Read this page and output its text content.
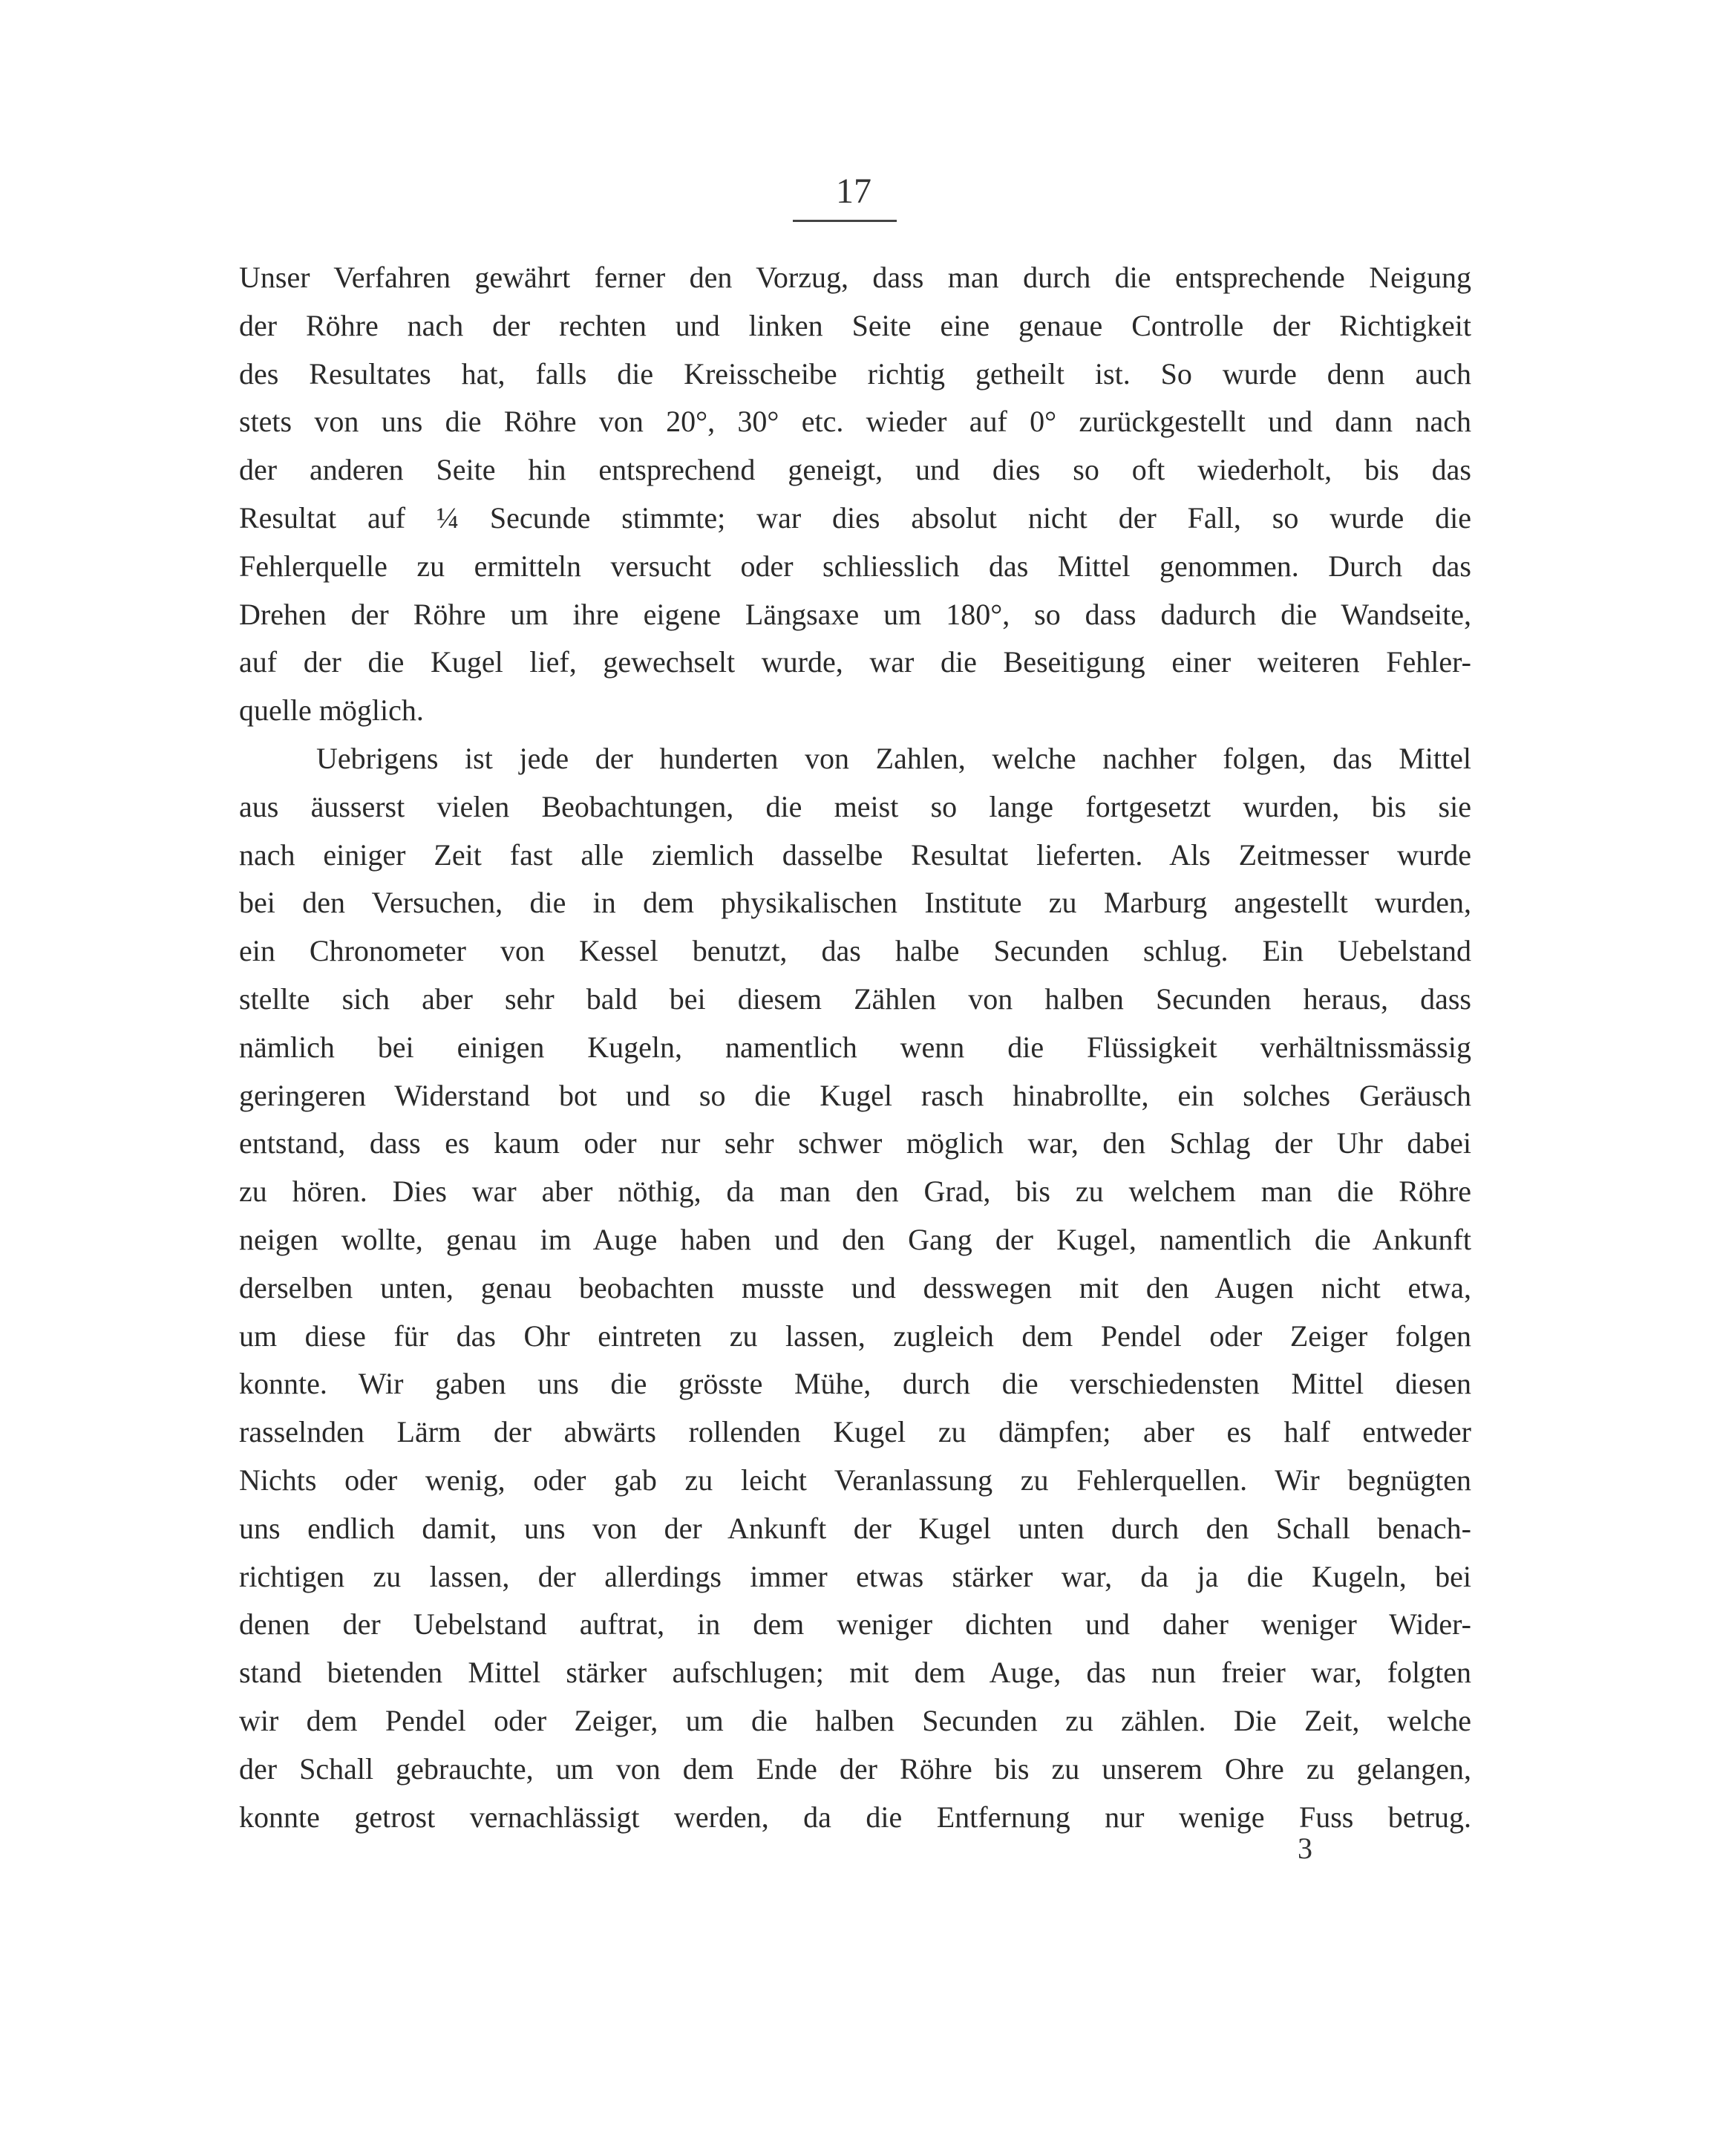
17
Unser Verfahren gewährt ferner den Vorzug, dass man durch die entsprechende Neigung
der Röhre nach der rechten und linken Seite eine genaue Controlle der Richtigkeit
des Resultates hat, falls die Kreisscheibe richtig getheilt ist. So wurde denn auch
stets von uns die Röhre von 20°, 30° etc. wieder auf 0° zurückgestellt und dann nach
der anderen Seite hin entsprechend geneigt, und dies so oft wiederholt, bis das
Resultat auf ¼ Secunde stimmte; war dies absolut nicht der Fall, so wurde die
Fehlerquelle zu ermitteln versucht oder schliesslich das Mittel genommen. Durch das
Drehen der Röhre um ihre eigene Längsaxe um 180°, so dass dadurch die Wandseite,
auf der die Kugel lief, gewechselt wurde, war die Beseitigung einer weiteren Fehler-
quelle möglich.
Uebrigens ist jede der hunderten von Zahlen, welche nachher folgen, das Mittel
aus äusserst vielen Beobachtungen, die meist so lange fortgesetzt wurden, bis sie
nach einiger Zeit fast alle ziemlich dasselbe Resultat lieferten. Als Zeitmesser wurde
bei den Versuchen, die in dem physikalischen Institute zu Marburg angestellt wurden,
ein Chronometer von Kessel benutzt, das halbe Secunden schlug. Ein Uebelstand
stellte sich aber sehr bald bei diesem Zählen von halben Secunden heraus, dass
nämlich bei einigen Kugeln, namentlich wenn die Flüssigkeit verhältnissmässig
geringeren Widerstand bot und so die Kugel rasch hinabrollte, ein solches Geräusch
entstand, dass es kaum oder nur sehr schwer möglich war, den Schlag der Uhr dabei
zu hören. Dies war aber nöthig, da man den Grad, bis zu welchem man die Röhre
neigen wollte, genau im Auge haben und den Gang der Kugel, namentlich die Ankunft
derselben unten, genau beobachten musste und desswegen mit den Augen nicht etwa,
um diese für das Ohr eintreten zu lassen, zugleich dem Pendel oder Zeiger folgen
konnte. Wir gaben uns die grösste Mühe, durch die verschiedensten Mittel diesen
rasselnden Lärm der abwärts rollenden Kugel zu dämpfen; aber es half entweder
Nichts oder wenig, oder gab zu leicht Veranlassung zu Fehlerquellen. Wir begnügten
uns endlich damit, uns von der Ankunft der Kugel unten durch den Schall benach-
richtigen zu lassen, der allerdings immer etwas stärker war, da ja die Kugeln, bei
denen der Uebelstand auftrat, in dem weniger dichten und daher weniger Wider-
stand bietenden Mittel stärker aufschlugen; mit dem Auge, das nun freier war, folgten
wir dem Pendel oder Zeiger, um die halben Secunden zu zählen. Die Zeit, welche
der Schall gebrauchte, um von dem Ende der Röhre bis zu unserem Ohre zu gelangen,
konnte getrost vernachlässigt werden, da die Entfernung nur wenige Fuss betrug.
3
